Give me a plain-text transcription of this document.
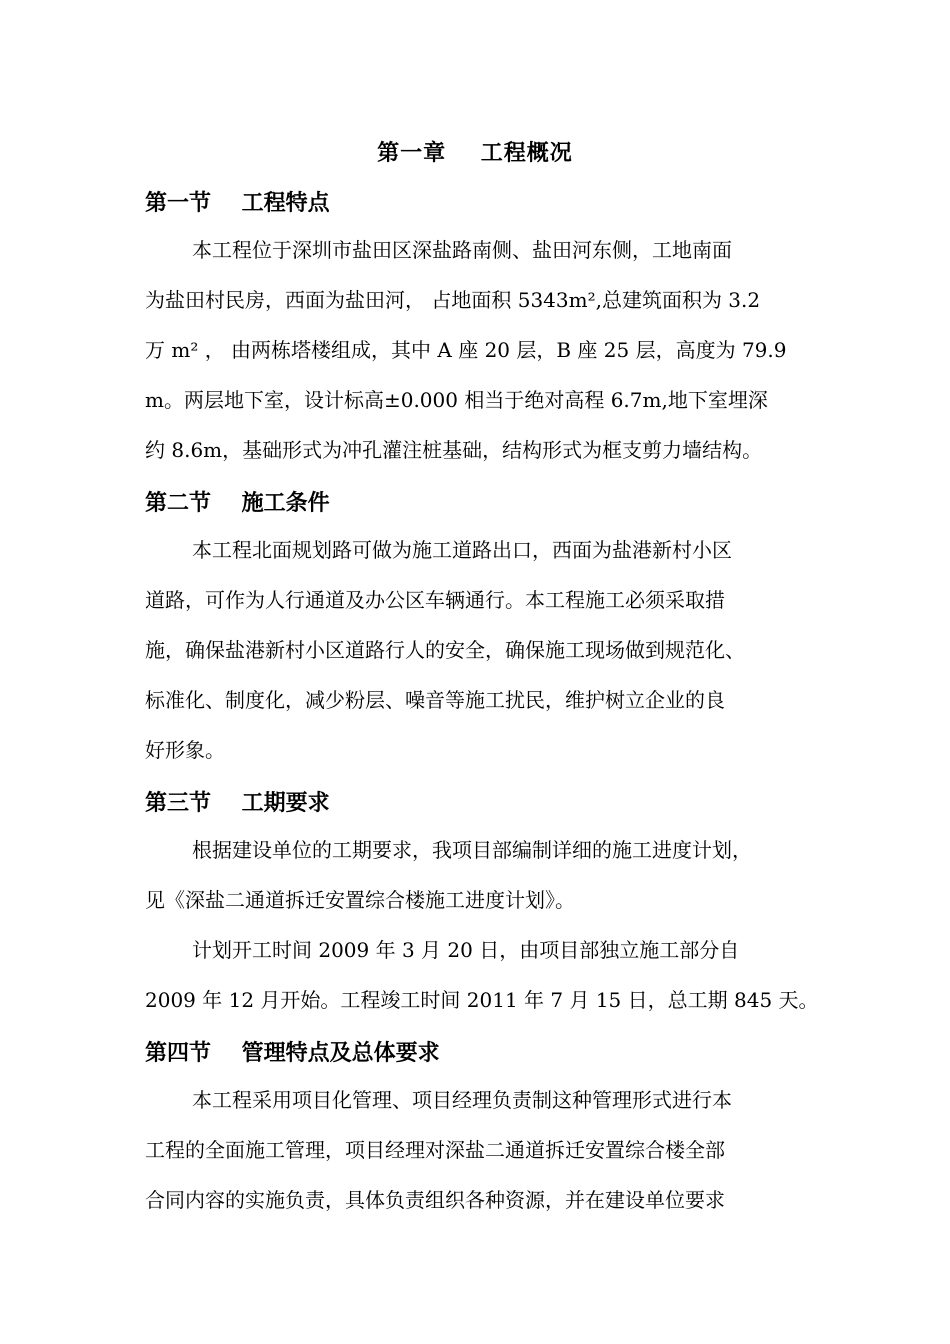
第一章    工程概况
第一节    工程特点
本工程位于深圳市盐田区深盐路南侧、盐田河东侧，工地南面
为盐田村民房，西面为盐田河， 占地面积 5343m²,总建筑面积为 3.2
万 m² ， 由两栋塔楼组成，其中 A 座 20 层，B 座 25 层，高度为 79.9
m。两层地下室，设计标高±0.000 相当于绝对高程 6.7m,地下室埋深
约 8.6m，基础形式为冲孔灌注桩基础，结构形式为框支剪力墙结构。
第二节    施工条件
本工程北面规划路可做为施工道路出口，西面为盐港新村小区
道路，可作为人行通道及办公区车辆通行。本工程施工必须采取措
施，确保盐港新村小区道路行人的安全，确保施工现场做到规范化、
标准化、制度化，减少粉层、噪音等施工扰民，维护树立企业的良
好形象。
第三节    工期要求
根据建设单位的工期要求，我项目部编制详细的施工进度计划，
见《深盐二通道拆迁安置综合楼施工进度计划》。
计划开工时间 2009 年 3 月 20 日，由项目部独立施工部分自
2009 年 12 月开始。工程竣工时间 2011 年 7 月 15 日，总工期 845 天。
第四节    管理特点及总体要求
本工程采用项目化管理、项目经理负责制这种管理形式进行本
工程的全面施工管理，项目经理对深盐二通道拆迁安置综合楼全部
合同内容的实施负责，具体负责组织各种资源，并在建设单位要求
